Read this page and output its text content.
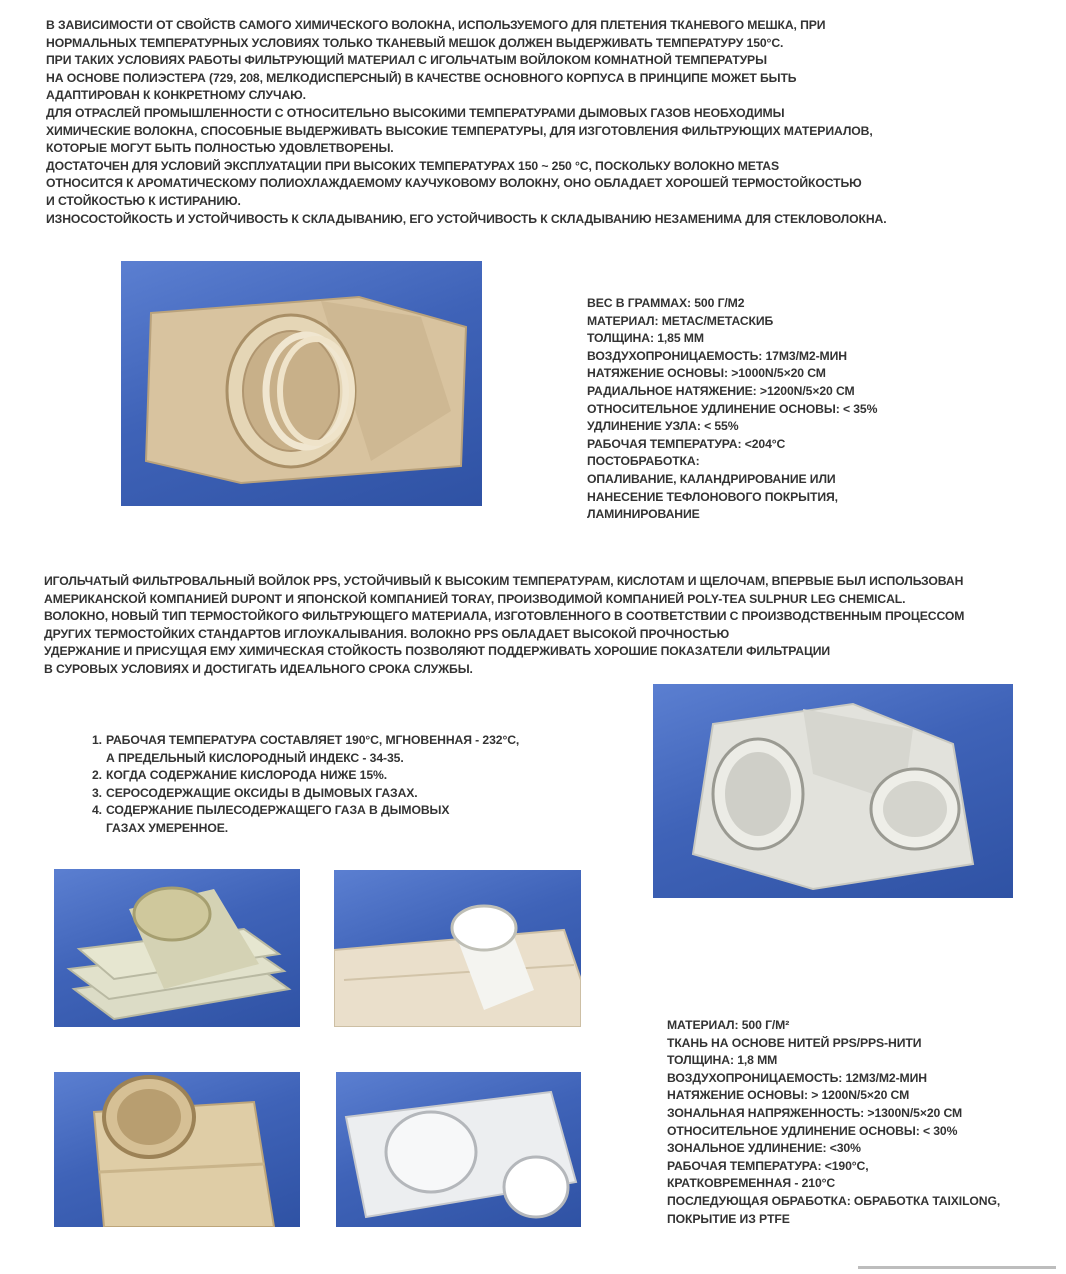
В ЗАВИСИМОСТИ ОТ СВОЙСТВ САМОГО ХИМИЧЕСКОГО ВОЛОКНА, ИСПОЛЬЗУЕМОГО ДЛЯ ПЛЕТЕНИЯ ТКАНЕВОГО МЕШКА, ПРИ
НОРМАЛЬНЫХ ТЕМПЕРАТУРНЫХ УСЛОВИЯХ ТОЛЬКО ТКАНЕВЫЙ МЕШОК ДОЛЖЕН ВЫДЕРЖИВАТЬ ТЕМПЕРАТУРУ 150°C.
ПРИ ТАКИХ УСЛОВИЯХ РАБОТЫ ФИЛЬТРУЮЩИЙ МАТЕРИАЛ С ИГОЛЬЧАТЫМ ВОЙЛОКОМ КОМНАТНОЙ ТЕМПЕРАТУРЫ
НА ОСНОВЕ ПОЛИЭСТЕРА (729, 208, МЕЛКОДИСПЕРСНЫЙ) В КАЧЕСТВЕ ОСНОВНОГО КОРПУСА В ПРИНЦИПЕ МОЖЕТ БЫТЬ
АДАПТИРОВАН К КОНКРЕТНОМУ СЛУЧАЮ.
ДЛЯ ОТРАСЛЕЙ ПРОМЫШЛЕННОСТИ С ОТНОСИТЕЛЬНО ВЫСОКИМИ ТЕМПЕРАТУРАМИ ДЫМОВЫХ ГАЗОВ НЕОБХОДИМЫ
ХИМИЧЕСКИЕ ВОЛОКНА, СПОСОБНЫЕ ВЫДЕРЖИВАТЬ ВЫСОКИЕ ТЕМПЕРАТУРЫ, ДЛЯ ИЗГОТОВЛЕНИЯ ФИЛЬТРУЮЩИХ МАТЕРИАЛОВ,
КОТОРЫЕ МОГУТ БЫТЬ ПОЛНОСТЬЮ УДОВЛЕТВОРЕНЫ.
ДОСТАТОЧЕН ДЛЯ УСЛОВИЙ ЭКСПЛУАТАЦИИ ПРИ ВЫСОКИХ ТЕМПЕРАТУРАХ 150 ~ 250 °C, ПОСКОЛЬКУ ВОЛОКНО METAS
ОТНОСИТСЯ К АРОМАТИЧЕСКОМУ ПОЛИОХЛАЖДАЕМОМУ КАУЧУКОВОМУ ВОЛОКНУ, ОНО ОБЛАДАЕТ ХОРОШЕЙ ТЕРМОСТОЙКОСТЬЮ
И СТОЙКОСТЬЮ К ИСТИРАНИЮ.
ИЗНОСОСТОЙКОСТЬ И УСТОЙЧИВОСТЬ К СКЛАДЫВАНИЮ, ЕГО УСТОЙЧИВОСТЬ К СКЛАДЫВАНИЮ НЕЗАМЕНИМА ДЛЯ СТЕКЛОВОЛОКНА.
ВЕС В ГРАММАХ: 500 Г/М2
МАТЕРИАЛ: МЕТАС/МЕТАСКИБ
ТОЛЩИНА: 1,85 ММ
ВОЗДУХОПРОНИЦАЕМОСТЬ: 17М3/М2-МИН
НАТЯЖЕНИЕ ОСНОВЫ: >1000N/5×20 СМ
РАДИАЛЬНОЕ НАТЯЖЕНИЕ: >1200N/5×20 СМ
ОТНОСИТЕЛЬНОЕ УДЛИНЕНИЕ ОСНОВЫ: < 35%
УДЛИНЕНИЕ УЗЛА: < 55%
РАБОЧАЯ ТЕМПЕРАТУРА: <204°C
ПОСТОБРАБОТКА:
ОПАЛИВАНИЕ, КАЛАНДРИРОВАНИЕ ИЛИ
НАНЕСЕНИЕ ТЕФЛОНОВОГО ПОКРЫТИЯ,
ЛАМИНИРОВАНИЕ
ИГОЛЬЧАТЫЙ ФИЛЬТРОВАЛЬНЫЙ ВОЙЛОК PPS, УСТОЙЧИВЫЙ К ВЫСОКИМ ТЕМПЕРАТУРАМ, КИСЛОТАМ И ЩЕЛОЧАМ, ВПЕРВЫЕ БЫЛ ИСПОЛЬЗОВАН
АМЕРИКАНСКОЙ КОМПАНИЕЙ DUPONT И ЯПОНСКОЙ КОМПАНИЕЙ TORAY, ПРОИЗВОДИМОЙ КОМПАНИЕЙ POLY-TEA SULPHUR LEG CHEMICAL.
ВОЛОКНО, НОВЫЙ ТИП ТЕРМОСТОЙКОГО ФИЛЬТРУЮЩЕГО МАТЕРИАЛА, ИЗГОТОВЛЕННОГО В СООТВЕТСТВИИ С ПРОИЗВОДСТВЕННЫМ ПРОЦЕССОМ
ДРУГИХ ТЕРМОСТОЙКИХ СТАНДАРТОВ ИГЛОУКАЛЫВАНИЯ. ВОЛОКНО PPS ОБЛАДАЕТ ВЫСОКОЙ ПРОЧНОСТЬЮ
УДЕРЖАНИЕ И ПРИСУЩАЯ ЕМУ ХИМИЧЕСКАЯ СТОЙКОСТЬ ПОЗВОЛЯЮТ ПОДДЕРЖИВАТЬ ХОРОШИЕ ПОКАЗАТЕЛИ ФИЛЬТРАЦИИ
В СУРОВЫХ УСЛОВИЯХ И ДОСТИГАТЬ ИДЕАЛЬНОГО СРОКА СЛУЖБЫ.
1. РАБОЧАЯ ТЕМПЕРАТУРА СОСТАВЛЯЕТ 190°C, МГНОВЕННАЯ - 232°C,
А ПРЕДЕЛЬНЫЙ КИСЛОРОДНЫЙ ИНДЕКС - 34-35.
2. КОГДА СОДЕРЖАНИЕ КИСЛОРОДА НИЖЕ 15%.
3. СЕРОСОДЕРЖАЩИЕ ОКСИДЫ В ДЫМОВЫХ ГАЗАХ.
4. СОДЕРЖАНИЕ ПЫЛЕСОДЕРЖАЩЕГО ГАЗА В ДЫМОВЫХ
ГАЗАХ УМЕРЕННОЕ.
МАТЕРИАЛ: 500 Г/М²
ТКАНЬ НА ОСНОВЕ НИТЕЙ PPS/PPS-НИТИ
ТОЛЩИНА: 1,8 ММ
ВОЗДУХОПРОНИЦАЕМОСТЬ: 12М3/М2-МИН
НАТЯЖЕНИЕ ОСНОВЫ: > 1200N/5×20 СМ
ЗОНАЛЬНАЯ НАПРЯЖЕННОСТЬ: >1300N/5×20 СМ
ОТНОСИТЕЛЬНОЕ УДЛИНЕНИЕ ОСНОВЫ: < 30%
ЗОНАЛЬНОЕ УДЛИНЕНИЕ: <30%
РАБОЧАЯ ТЕМПЕРАТУРА: <190°C,
КРАТКОВРЕМЕННАЯ - 210°C
ПОСЛЕДУЮЩАЯ ОБРАБОТКА: ОБРАБОТКА TAIXILONG,
ПОКРЫТИЕ ИЗ PTFE
